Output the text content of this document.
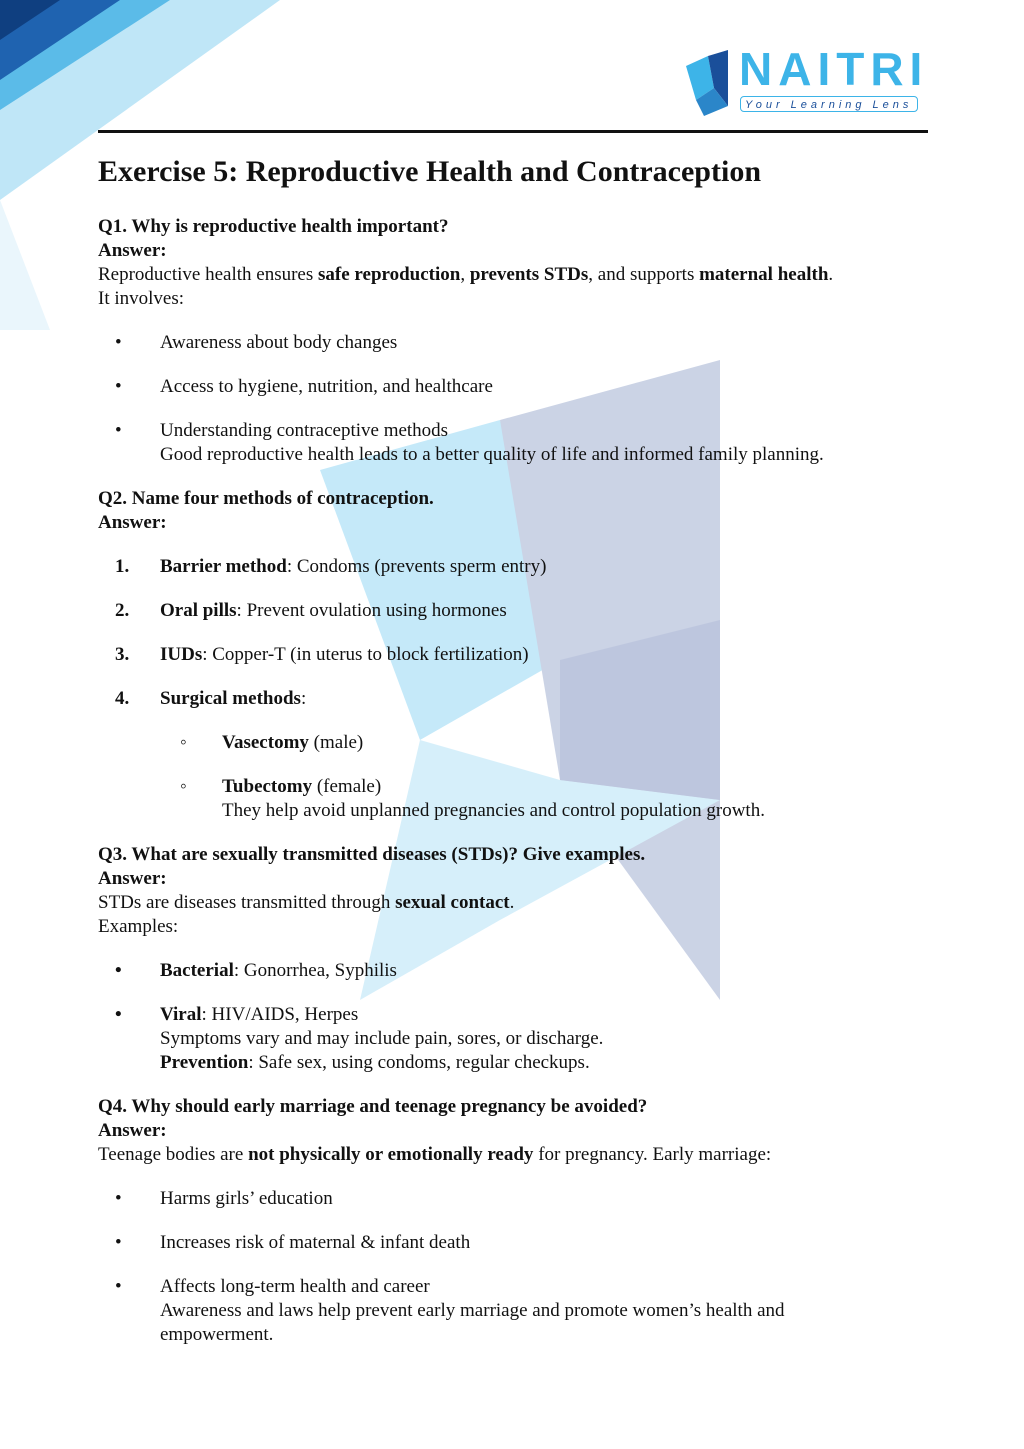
NAITRI
Your Learning Lens
Exercise 5: Reproductive Health and Contraception
Q1. Why is reproductive health important?
Answer:
Reproductive health ensures safe reproduction, prevents STDs, and supports maternal health.
It involves:
• Awareness about body changes
• Access to hygiene, nutrition, and healthcare
• Understanding contraceptive methods
Good reproductive health leads to a better quality of life and informed family planning.
Q2. Name four methods of contraception.
Answer:
1. Barrier method: Condoms (prevents sperm entry)
2. Oral pills: Prevent ovulation using hormones
3. IUDs: Copper-T (in uterus to block fertilization)
4. Surgical methods:
◦ Vasectomy (male)
◦ Tubectomy (female)
They help avoid unplanned pregnancies and control population growth.
Q3. What are sexually transmitted diseases (STDs)? Give examples.
Answer:
STDs are diseases transmitted through sexual contact.
Examples:
• Bacterial: Gonorrhea, Syphilis
• Viral: HIV/AIDS, Herpes
Symptoms vary and may include pain, sores, or discharge.
Prevention: Safe sex, using condoms, regular checkups.
Q4. Why should early marriage and teenage pregnancy be avoided?
Answer:
Teenage bodies are not physically or emotionally ready for pregnancy. Early marriage:
• Harms girls’ education
• Increases risk of maternal & infant death
• Affects long-term health and career
Awareness and laws help prevent early marriage and promote women’s health and
empowerment.
